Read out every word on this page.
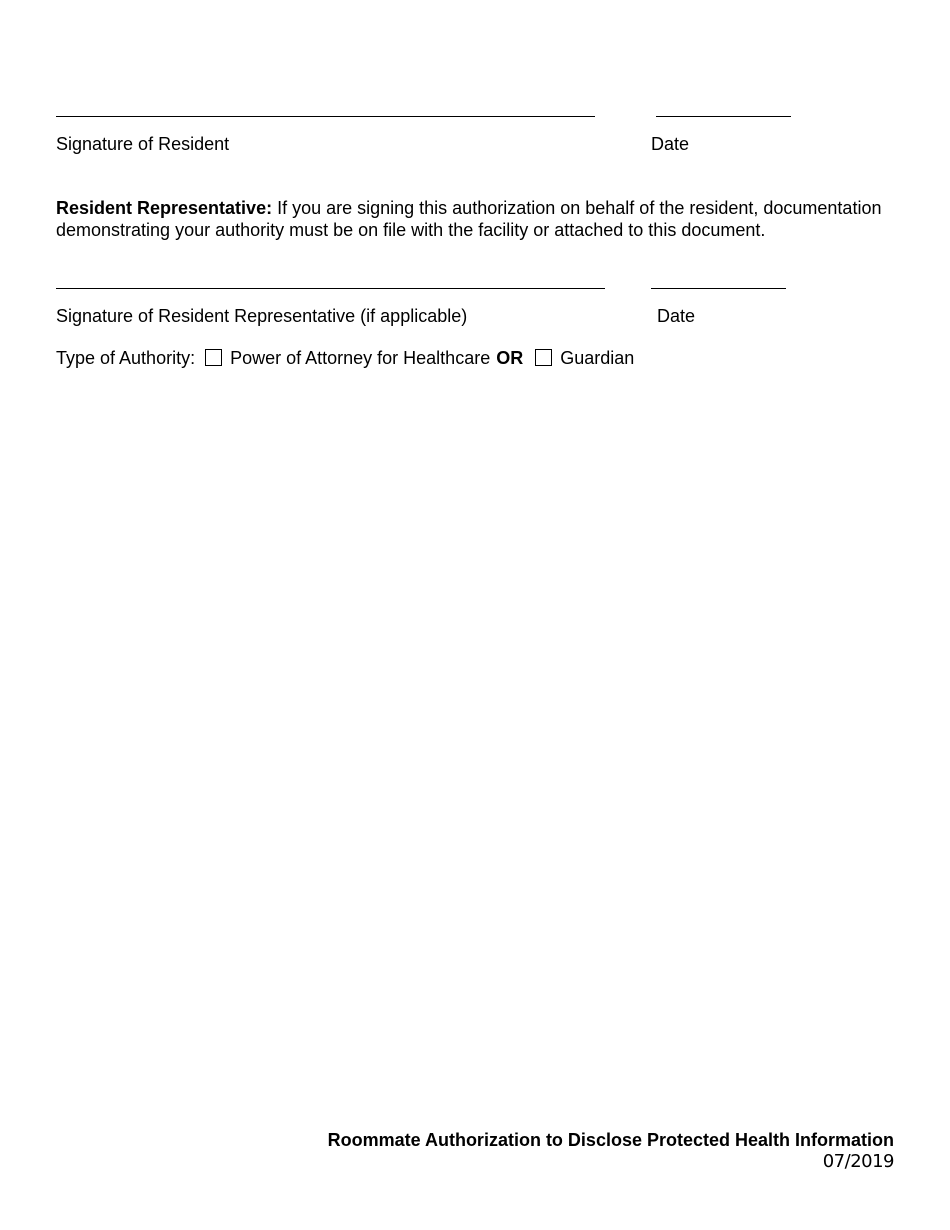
Signature of Resident	Date
Resident Representative: If you are signing this authorization on behalf of the resident, documentation demonstrating your authority must be on file with the facility or attached to this document.
Signature of Resident Representative (if applicable)	Date
Type of Authority: Power of Attorney for Healthcare OR Guardian
Roommate Authorization to Disclose Protected Health Information
07/2019
